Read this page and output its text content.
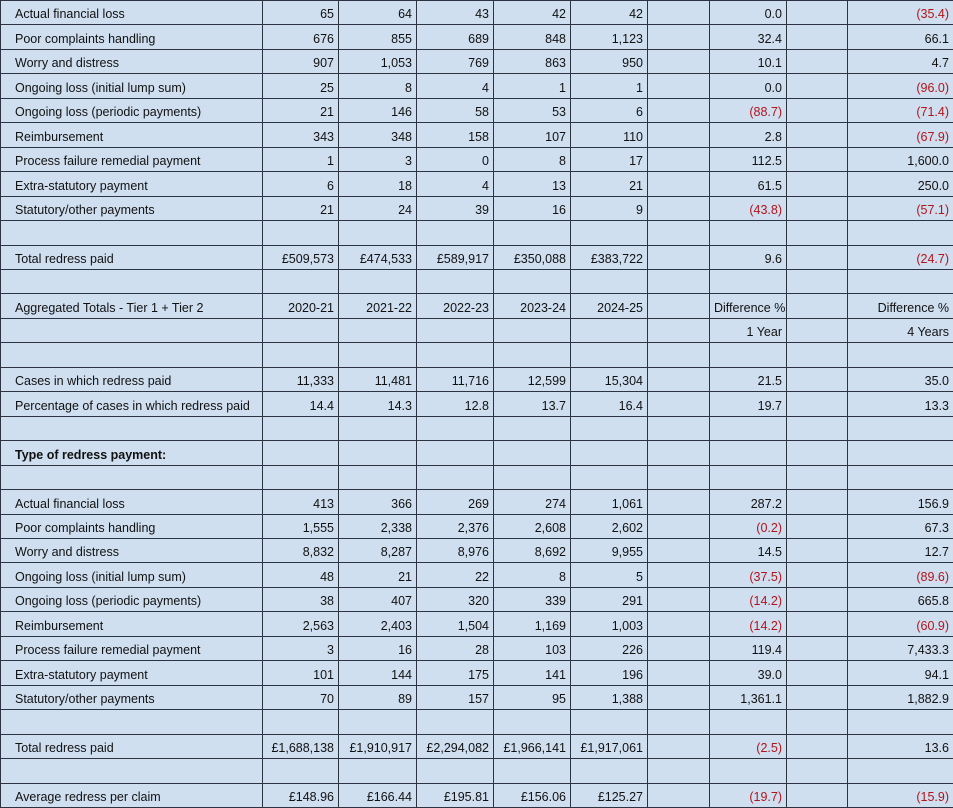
Actual financial loss	65	64	43	42	42		0.0		(35.4)
Poor complaints handling	676	855	689	848	1,123		32.4		66.1
Worry and distress	907	1,053	769	863	950		10.1		4.7
Ongoing loss (initial lump sum)	25	8	4	1	1		0.0		(96.0)
Ongoing loss (periodic payments)	21	146	58	53	6		(88.7)		(71.4)
Reimbursement	343	348	158	107	110		2.8		(67.9)
Process failure remedial payment	1	3	0	8	17		112.5		1,600.0
Extra-statutory payment	6	18	4	13	21		61.5		250.0
Statutory/other payments	21	24	39	16	9		(43.8)		(57.1)

Total redress paid	£509,573	£474,533	£589,917	£350,088	£383,722		9.6		(24.7)

Aggregated Totals - Tier 1 + Tier 2	2020-21	2021-22	2022-23	2023-24	2024-25		Difference %		Difference %
							1 Year		4 Years

Cases in which redress paid	11,333	11,481	11,716	12,599	15,304		21.5		35.0
Percentage of cases in which redress paid	14.4	14.3	12.8	13.7	16.4		19.7		13.3

Type of redress payment:									

Actual financial loss	413	366	269	274	1,061		287.2		156.9
Poor complaints handling	1,555	2,338	2,376	2,608	2,602		(0.2)		67.3
Worry and distress	8,832	8,287	8,976	8,692	9,955		14.5		12.7
Ongoing loss (initial lump sum)	48	21	22	8	5		(37.5)		(89.6)
Ongoing loss (periodic payments)	38	407	320	339	291		(14.2)		665.8
Reimbursement	2,563	2,403	1,504	1,169	1,003		(14.2)		(60.9)
Process failure remedial payment	3	16	28	103	226		119.4		7,433.3
Extra-statutory payment	101	144	175	141	196		39.0		94.1
Statutory/other payments	70	89	157	95	1,388		1,361.1		1,882.9

Total redress paid	£1,688,138	£1,910,917	£2,294,082	£1,966,141	£1,917,061		(2.5)		13.6

Average redress per claim	£148.96	£166.44	£195.81	£156.06	£125.27		(19.7)		(15.9)
